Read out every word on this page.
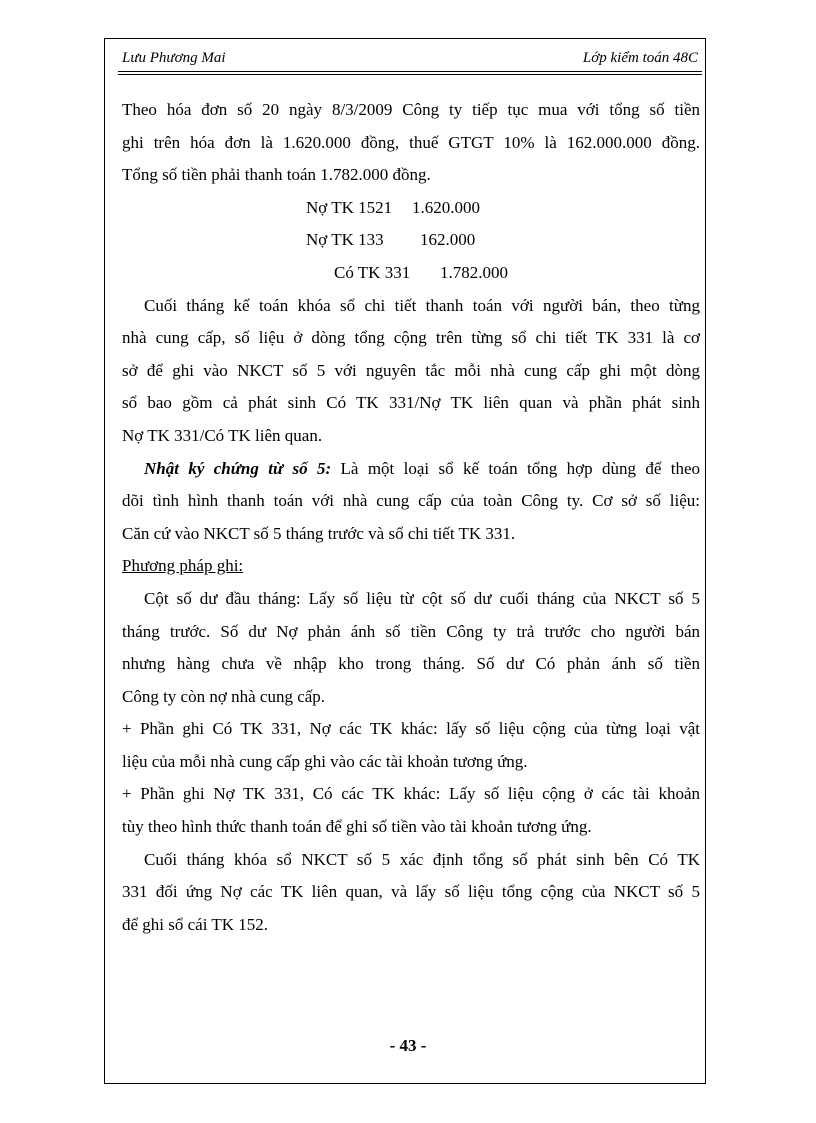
Lưu Phương Mai	Lớp kiểm toán 48C

Theo hóa đơn số 20 ngày 8/3/2009 Công ty tiếp tục mua với tổng số tiền

ghi trên hóa đơn là 1.620.000 đồng, thuế GTGT 10% là 162.000.000 đồng.

Tổng số tiền phải thanh toán 1.782.000 đồng.

Nợ TK 1521	1.620.000
Nợ TK 133	162.000
Có TK 331	1.782.000

Cuối tháng kế toán khóa sổ chi tiết thanh toán với người bán, theo từng

nhà cung cấp, số liệu ở dòng tổng cộng trên từng sổ chi tiết TK 331 là cơ

sở để ghi vào NKCT số 5 với nguyên tắc mỗi nhà cung cấp ghi một dòng

sổ bao gồm cả phát sinh Có TK 331/Nợ TK liên quan và phần phát sinh

Nợ TK 331/Có TK liên quan.

Nhật ký chứng từ số 5: Là một loại sổ kế toán tổng hợp dùng để theo

dõi tình hình thanh toán với nhà cung cấp của toàn Công ty. Cơ sở số liệu:

Căn cứ vào NKCT số 5 tháng trước và sổ chi tiết TK 331.

Phương pháp ghi:

Cột số dư đầu tháng: Lấy số liệu từ cột số dư cuối tháng của NKCT số 5

tháng trước. Số dư Nợ phản ánh số tiền Công ty trả trước cho người bán

nhưng hàng chưa về nhập kho trong tháng. Số dư Có phản ánh số tiền

Công ty còn nợ nhà cung cấp.

+ Phần ghi Có TK 331, Nợ các TK khác: lấy số liệu cộng của từng loại vật

liệu của mỗi nhà cung cấp ghi vào các tài khoản tương ứng.

+ Phần ghi Nợ TK 331, Có các TK khác: Lấy số liệu cộng ở các tài khoản

tùy theo hình thức thanh toán để ghi số tiền vào tài khoản tương ứng.

Cuối tháng khóa sổ NKCT số 5 xác định tổng số phát sinh bên Có TK

331 đối ứng Nợ các TK liên quan, và lấy số liệu tổng cộng của NKCT số 5

để ghi sổ cái TK 152.

- 43 -
